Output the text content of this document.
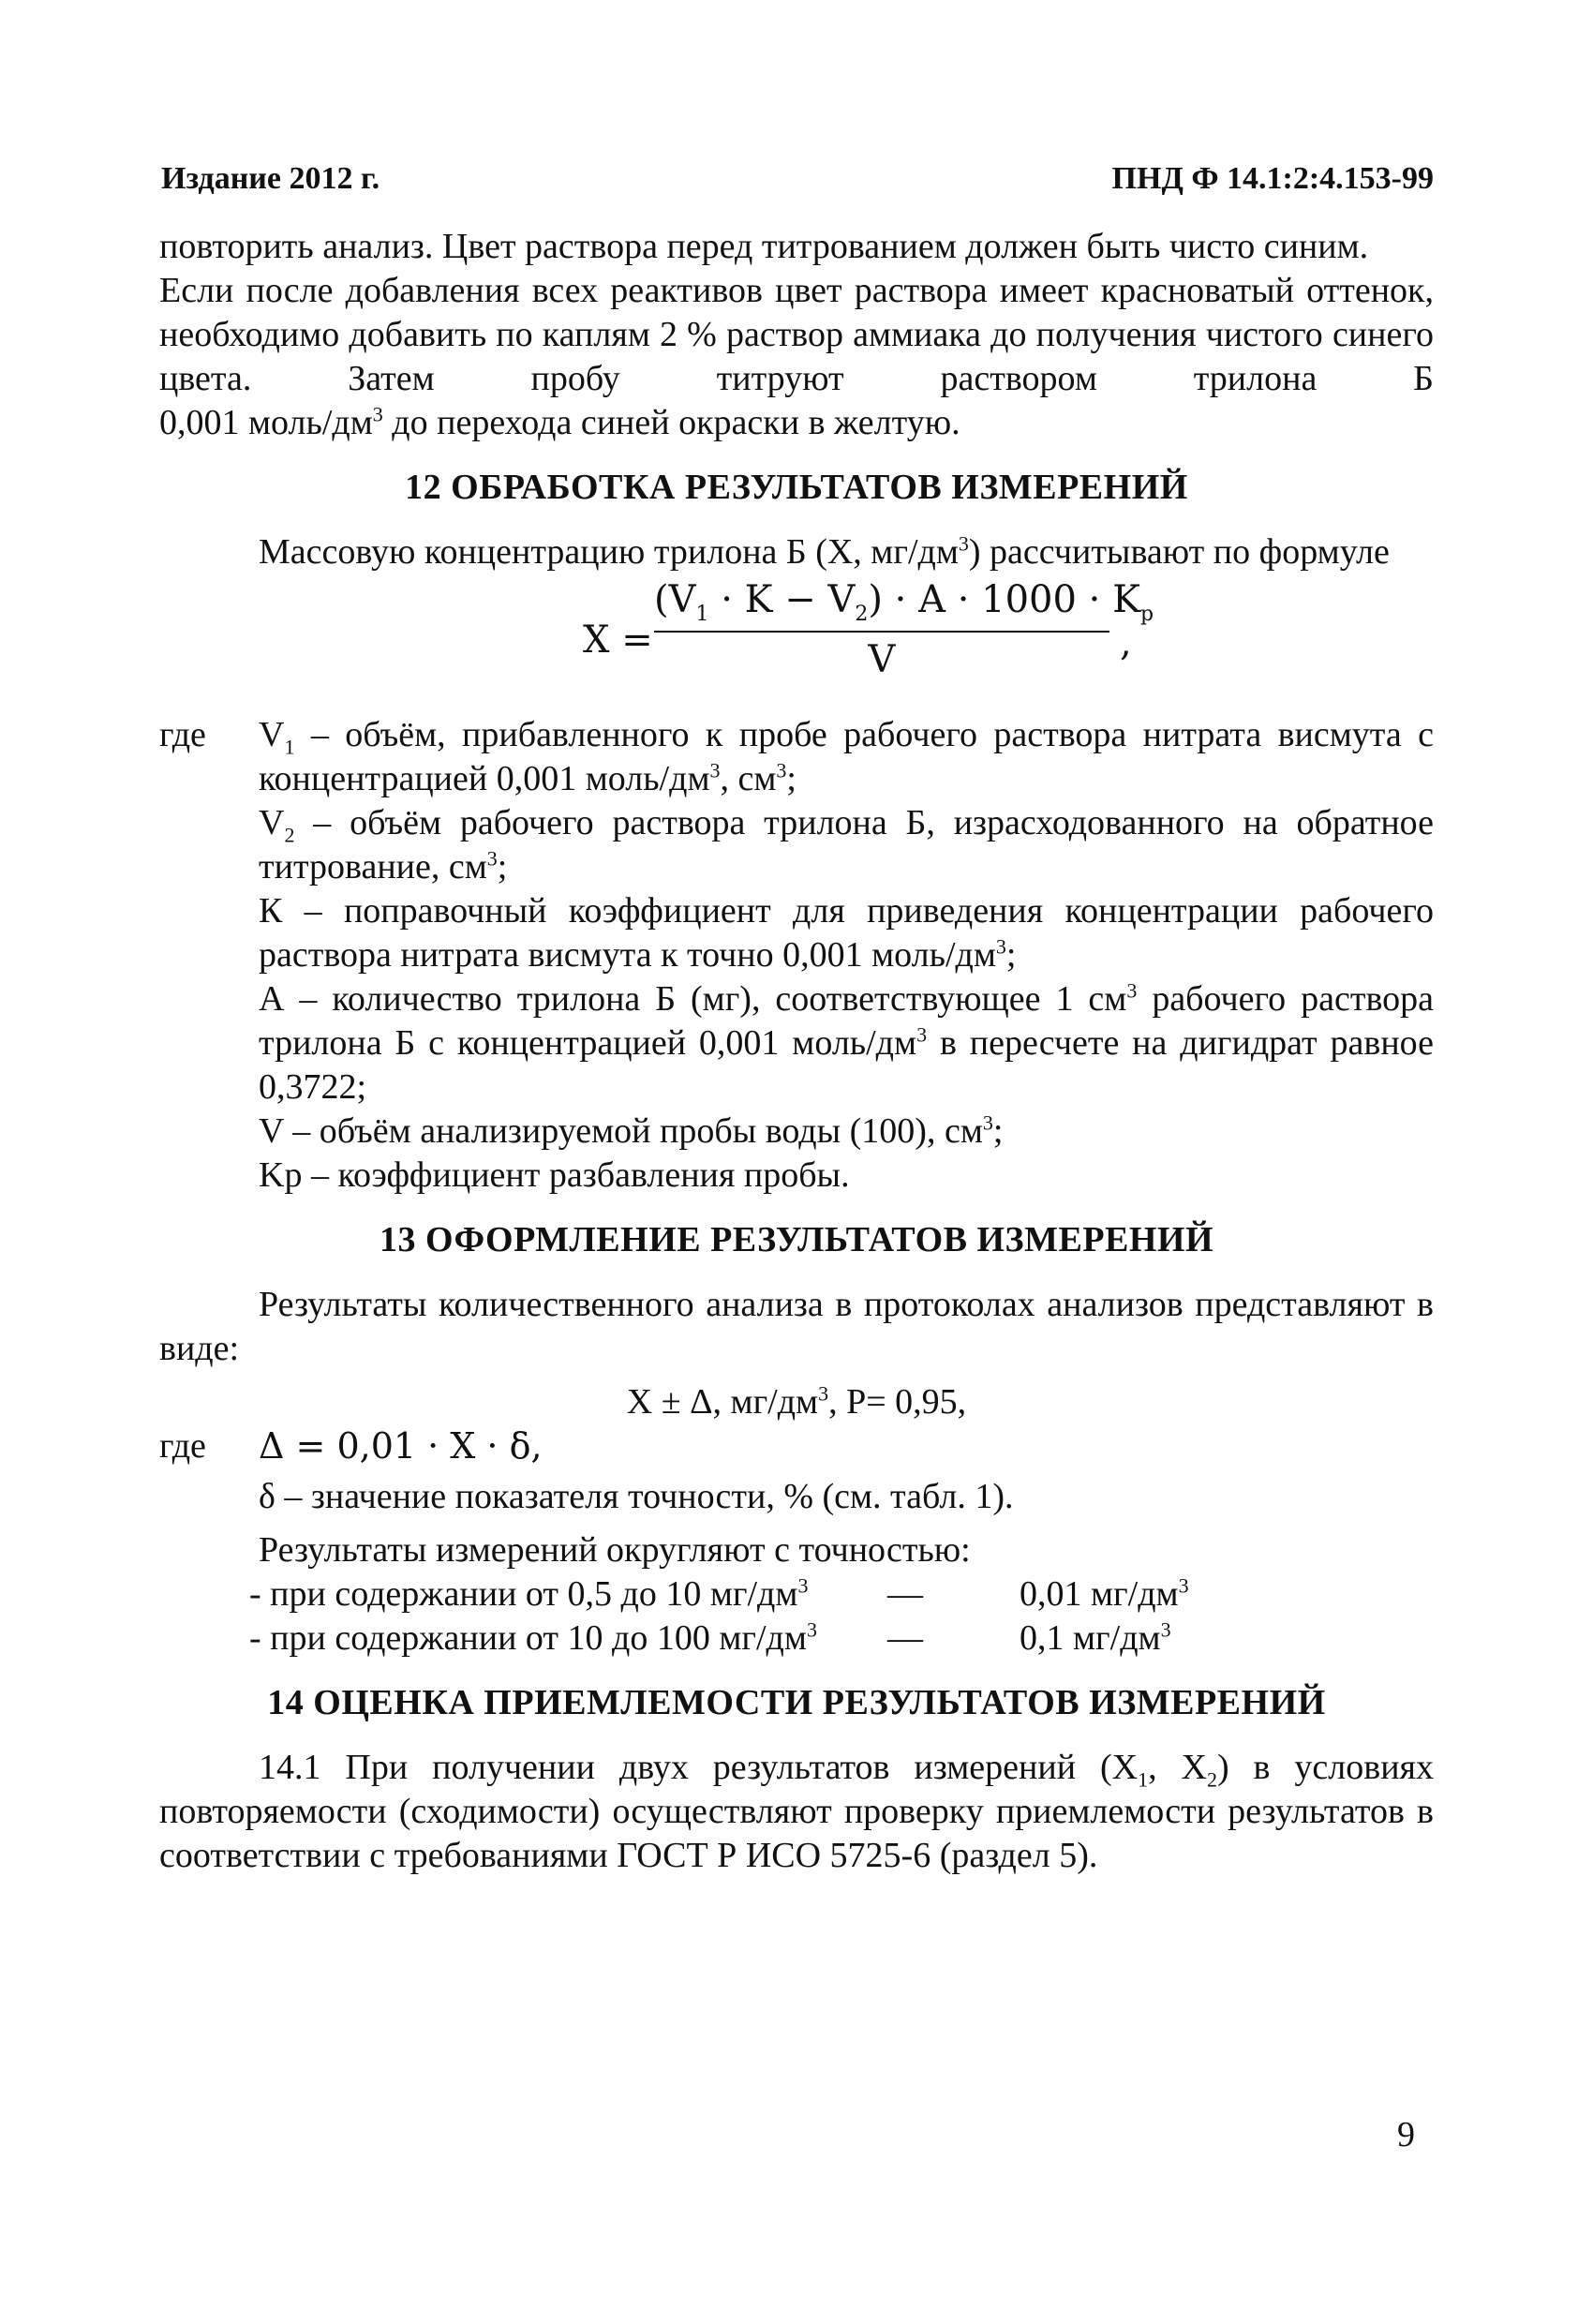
Издание 2012 г.	ПНД Ф 14.1:2:4.153-99

повторить анализ. Цвет раствора перед титрованием должен быть чисто синим.

Если после добавления всех реактивов цвет раствора имеет красноватый оттенок, необходимо добавить по каплям 2 % раствор аммиака до получения чистого синего цвета. Затем пробу титруют раствором трилона Б

0,001 моль/$дм^3$ до перехода синей окраски в желтую.

12 ОБРАБОТКА РЕЗУЛЬТАТОВ ИЗМЕРЕНИЙ

Массовую концентрацию трилона Б (X, $мг/дм^3$) рассчитывают по формуле

X =
$(V_1 \cdot K - V_2) \cdot A \cdot 1000 \cdot K_p$
V	,
где $V_1$ – объём, прибавленного к пробе рабочего раствора нитрата висмута с концентрацией 0,001 моль/$дм^3$, $см^3$;
$V_2$ – объём рабочего раствора трилона Б, израсходованного на обратное титрование, $см^3$;
К – поправочный коэффициент для приведения концентрации рабочего раствора нитрата висмута к точно 0,001 моль/$дм^3$;
А – количество трилона Б (мг), соответствующее 1 $см^3$ рабочего раствора трилона Б с концентрацией 0,001 моль/$дм^3$ в пересчете на дигидрат равное 0,3722;
V – объём анализируемой пробы воды (100), $см^3$;
Kр – коэффициент разбавления пробы.
13 ОФОРМЛЕНИЕ РЕЗУЛЬТАТОВ ИЗМЕРЕНИЙ

Результаты количественного анализа в протоколах анализов представляют в виде:

X ± Δ, $мг/дм^3$, P= 0,95,
где Δ = 0,01 · X · δ,
δ – значение показателя точности, % (см. табл. 1).
Результаты измерений округляют с точностью:
- при содержании от 0,5 до 10 $мг/дм^3$ —	0,01 $мг/дм^3$
- при содержании от 10 до 100 $мг/дм^3$ —	0,1 $мг/дм^3$
14 ОЦЕНКА ПРИЕМЛЕМОСТИ РЕЗУЛЬТАТОВ ИЗМЕРЕНИЙ

14.1 При получении двух результатов измерений ($X_1$, $X_2$) в условиях повторяемости (сходимости) осуществляют проверку приемлемости результатов в соответствии с требованиями ГОСТ Р ИСО 5725-6 (раздел 5).

9
